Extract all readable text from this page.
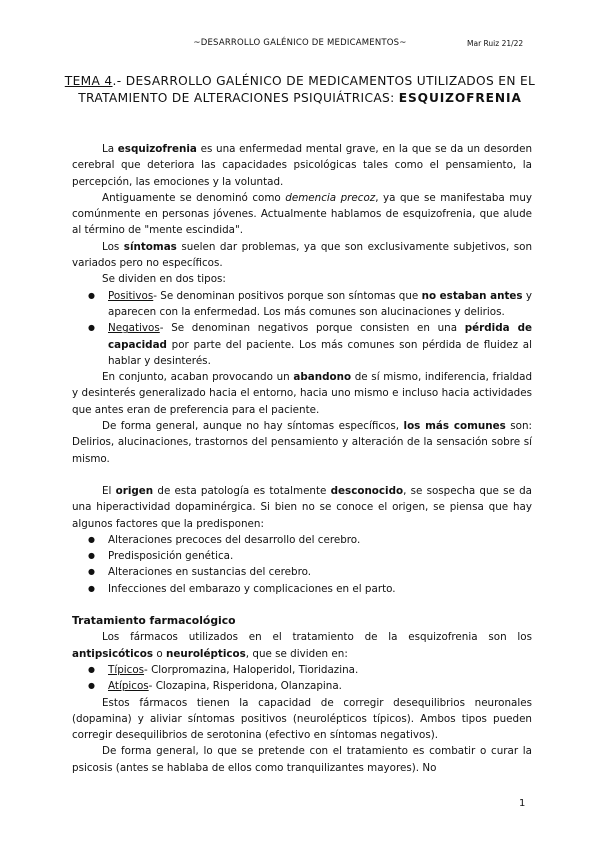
~DESARROLLO GALÉNICO DE MEDICAMENTOS~	Mar Ruiz 21/22
TEMA 4.- DESARROLLO GALÉNICO DE MEDICAMENTOS UTILIZADOS EN EL TRATAMIENTO DE ALTERACIONES PSIQUIÁTRICAS: ESQUIZOFRENIA

La esquizofrenia es una enfermedad mental grave, en la que se da un desorden cerebral que deteriora las capacidades psicológicas tales como el pensamiento, la percepción, las emociones y la voluntad.

Antiguamente se denominó como demencia precoz, ya que se manifestaba muy comúnmente en personas jóvenes. Actualmente hablamos de esquizofrenia, que alude al término de "mente escindida".

Los síntomas suelen dar problemas, ya que son exclusivamente subjetivos, son variados pero no específicos.

Se dividen en dos tipos:

● Positivos- Se denominan positivos porque son síntomas que no estaban antes y aparecen con la enfermedad. Los más comunes son alucinaciones y delirios.
● Negativos- Se denominan negativos porque consisten en una pérdida de capacidad por parte del paciente. Los más comunes son pérdida de fluidez al hablar y desinterés.

En conjunto, acaban provocando un abandono de sí mismo, indiferencia, frialdad y desinterés generalizado hacia el entorno, hacia uno mismo e incluso hacia actividades que antes eran de preferencia para el paciente.

De forma general, aunque no hay síntomas específicos, los más comunes son: Delirios, alucinaciones, trastornos del pensamiento y alteración de la sensación sobre sí mismo.

El origen de esta patología es totalmente desconocido, se sospecha que se da una hiperactividad dopaminérgica. Si bien no se conoce el origen, se piensa que hay algunos factores que la predisponen:

● Alteraciones precoces del desarrollo del cerebro.
● Predisposición genética.
● Alteraciones en sustancias del cerebro.
● Infecciones del embarazo y complicaciones en el parto.

Tratamiento farmacológico

Los fármacos utilizados en el tratamiento de la esquizofrenia son los antipsicóticos o neurolépticos, que se dividen en:

● Típicos- Clorpromazina, Haloperidol, Tioridazina.
● Atípicos- Clozapina, Risperidona, Olanzapina.

Estos fármacos tienen la capacidad de corregir desequilibrios neuronales (dopamina) y aliviar síntomas positivos (neurolépticos típicos). Ambos tipos pueden corregir desequilibrios de serotonina (efectivo en síntomas negativos).

De forma general, lo que se pretende con el tratamiento es combatir o curar la psicosis (antes se hablaba de ellos como tranquilizantes mayores). No

1
